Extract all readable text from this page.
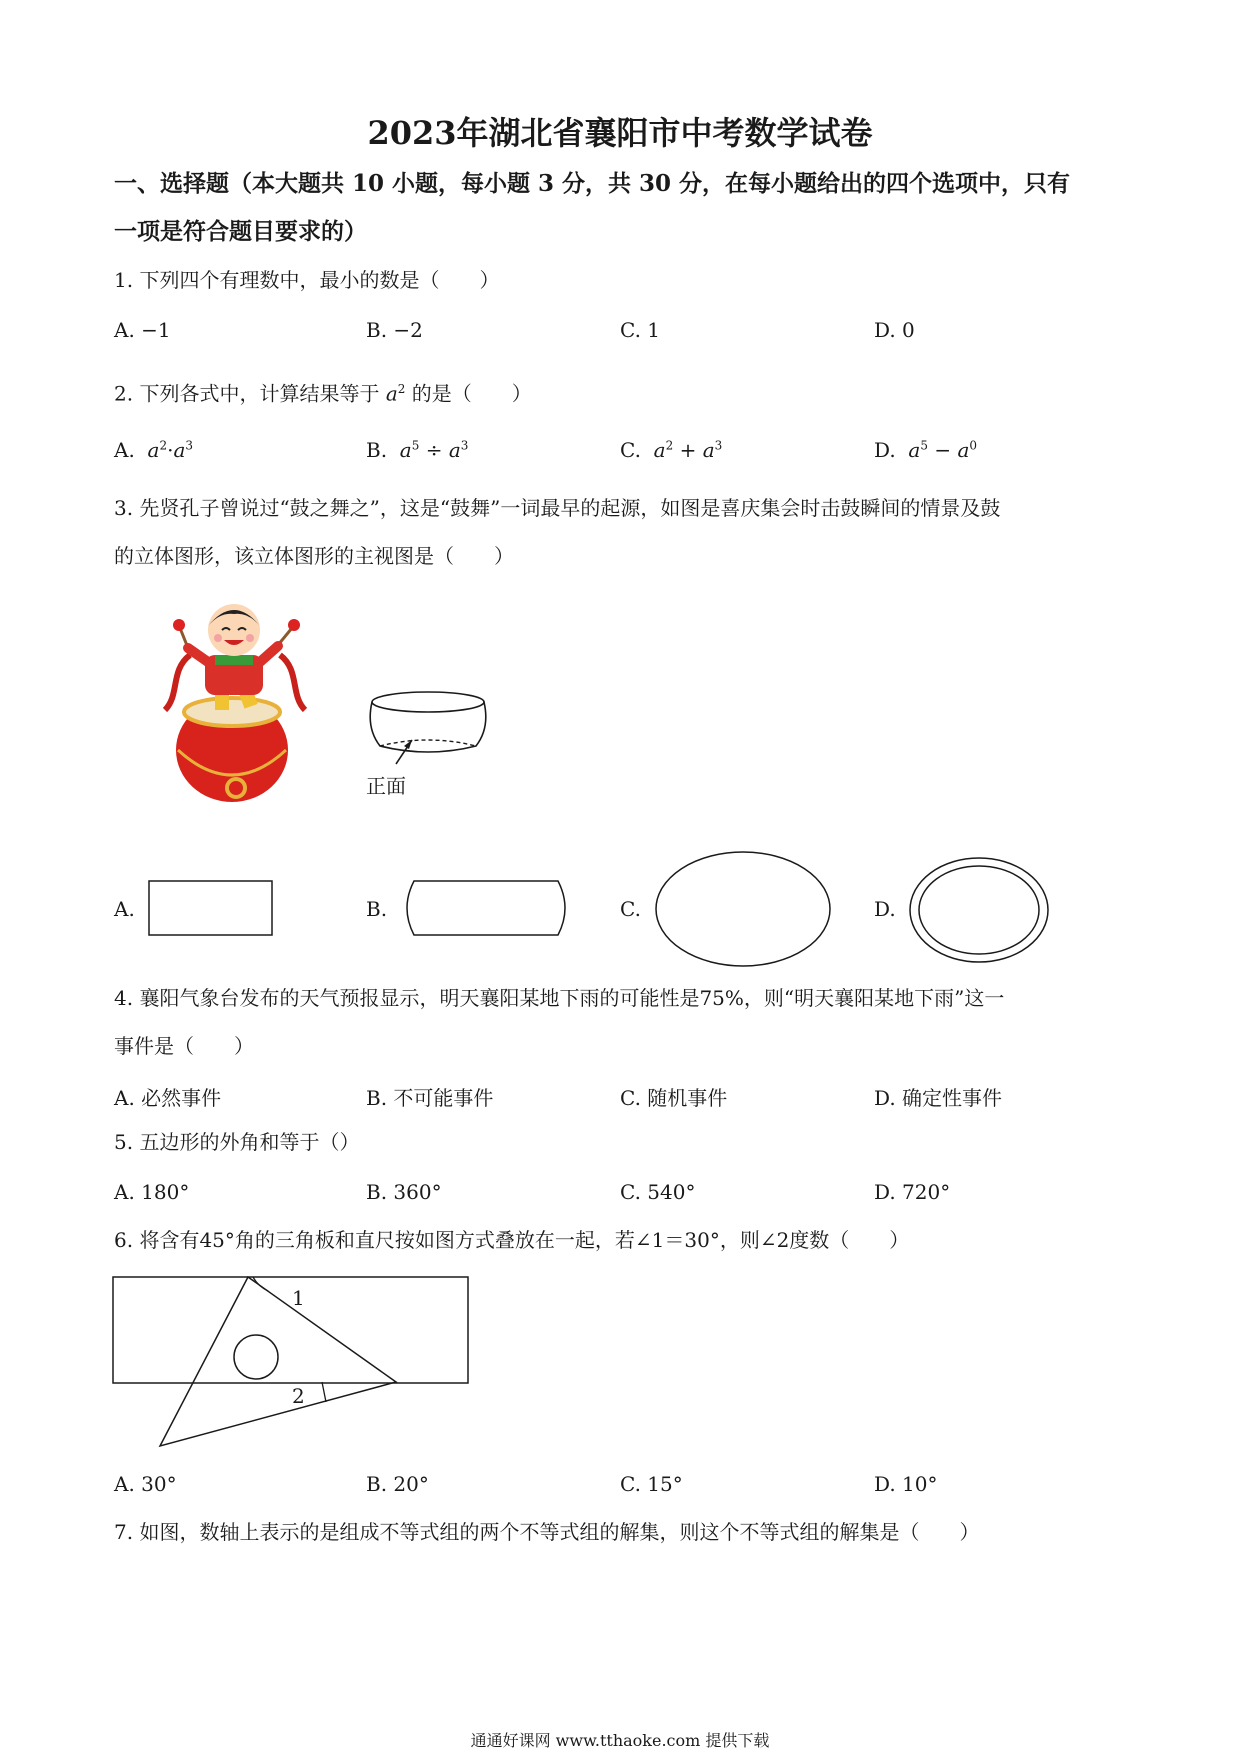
2023年湖北省襄阳市中考数学试卷
一、选择题（本大题共 10 小题，每小题 3 分，共 30 分，在每小题给出的四个选项中，只有
一项是符合题目要求的）
1. 下列四个有理数中，最小的数是（　　）
A. −1	B. −2	C. 1	D. 0
2. 下列各式中，计算结果等于 $a^2$ 的是（　　）
A. $a^2\cdot a^3$	B. $a^5 \div a^3$	C. $a^2 + a^3$	D. $a^5 - a^0$
3. 先贤孔子曾说过“鼓之舞之”，这是“鼓舞”一词最早的起源，如图是喜庆集会时击鼓瞬间的情景及鼓
的立体图形，该立体图形的主视图是（　　）
正面
A.	B.	C.	D.
4. 襄阳气象台发布的天气预报显示，明天襄阳某地下雨的可能性是75%，则“明天襄阳某地下雨”这一
事件是（　　）
A. 必然事件	B. 不可能事件	C. 随机事件	D. 确定性事件
5. 五边形的外角和等于（）
A. 180°	B. 360°	C. 540°	D. 720°
6. 将含有45°角的三角板和直尺按如图方式叠放在一起，若∠1＝30°，则∠2度数（　　）
1
2
A. 30°	B. 20°	C. 15°	D. 10°
7. 如图，数轴上表示的是组成不等式组的两个不等式组的解集，则这个不等式组的解集是（　　）
通通好课网 www.tthaoke.com 提供下载
